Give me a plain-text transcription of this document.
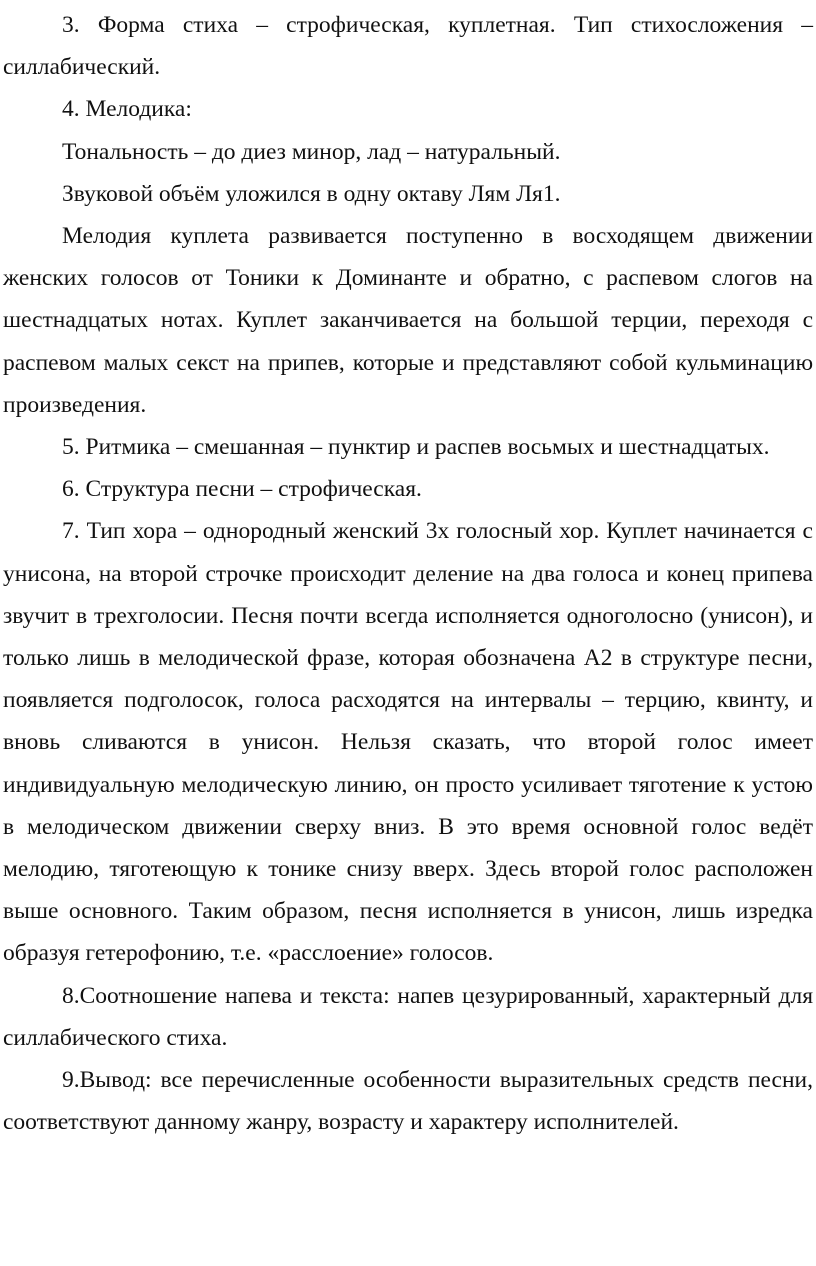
3. Форма стиха – строфическая, куплетная. Тип стихосложения – силлабический.

4. Мелодика:

Тональность – до диез минор, лад – натуральный.

Звуковой объём уложился в одну октаву Лям Ля1.

Мелодия куплета развивается поступенно в восходящем движении женских голосов от Тоники к Доминанте и обратно, с распевом слогов на шестнадцатых нотах. Куплет заканчивается на большой терции, переходя с распевом малых секст на припев, которые и представляют собой кульминацию произведения.

5. Ритмика – смешанная – пунктир и распев восьмых и шестнадцатых.

6. Структура песни – строфическая.

7. Тип хора – однородный женский 3х голосный хор. Куплет начинается с унисона, на второй строчке происходит деление на два голоса и конец припева звучит в трехголосии. Песня почти всегда исполняется одноголосно (унисон), и только лишь в мелодической фразе, которая обозначена А2 в структуре песни, появляется подголосок, голоса расходятся на интервалы – терцию, квинту, и вновь сливаются в унисон. Нельзя сказать, что второй голос имеет индивидуальную мелодическую линию, он просто усиливает тяготение к устою в мелодическом движении сверху вниз. В это время основной голос ведёт мелодию, тяготеющую к тонике снизу вверх. Здесь второй голос расположен выше основного. Таким образом, песня исполняется в унисон, лишь изредка образуя гетерофонию, т.е. «расслоение» голосов.

8.Соотношение напева и текста: напев цезурированный, характерный для силлабического стиха.

9.Вывод: все перечисленные особенности выразительных средств песни, соответствуют данному жанру, возрасту и характеру исполнителей.
